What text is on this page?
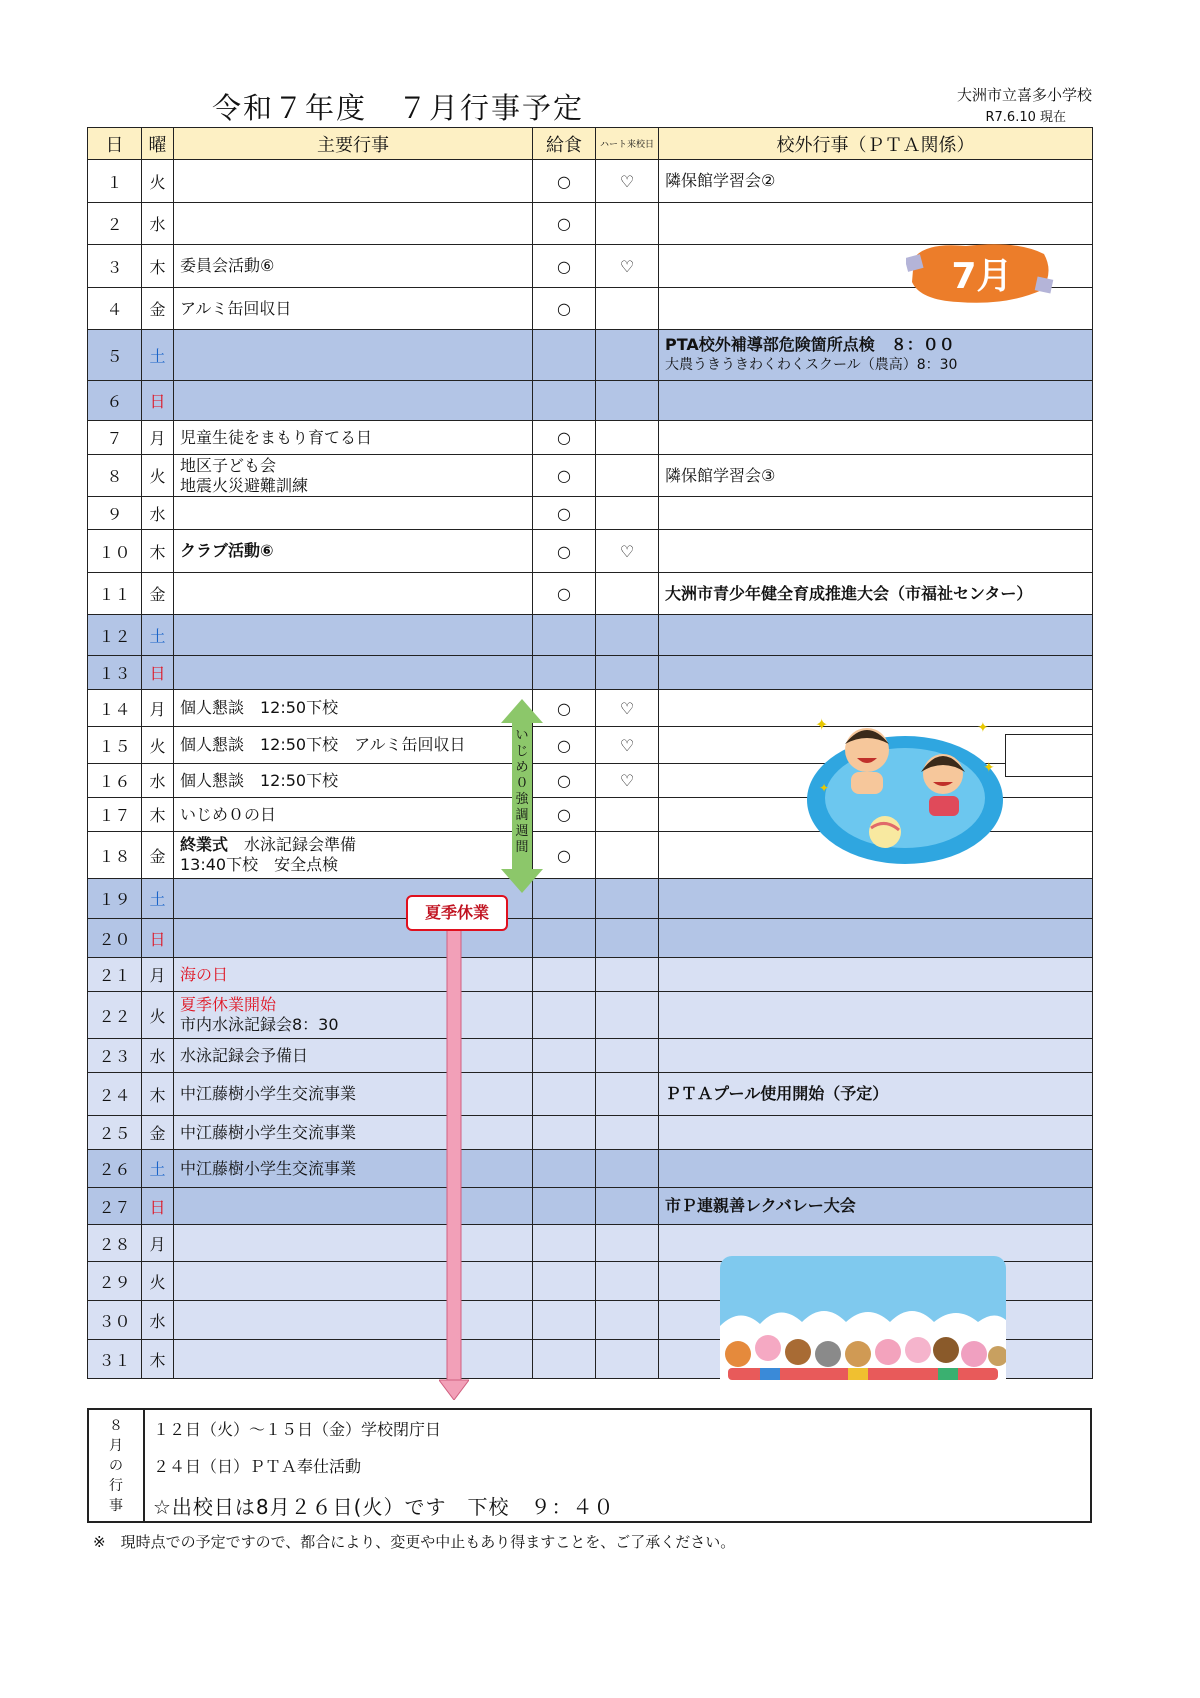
令和７年度　７月行事予定	大洲市立喜多小学校
R7.6.10 現在
日	曜	主要行事	給食	ハート来校日	校外行事（ＰＴＡ関係）
１	火		○	♡	隣保館学習会②

２	水		○		
３	木	委員会活動⑥	○	♡	
４	金	アルミ缶回収日	○		
５	土				PTA校外補導部危険箇所点検　８：００
大農うきうきわくわくスクール（農高）8：30

６	日				
７	月	児童生徒をまもり育てる日	○		
８	火	地区子ども会
地震火災避難訓練	○		隣保館学習会③

９	水		○		
１０	木	クラブ活動⑥	○	♡	
１１	金		○		大洲市青少年健全育成推進大会（市福祉センター）

１２	土				
１３	日				
１４	月	個人懇談　12:50下校	○	♡	
１５	火	個人懇談　12:50下校　アルミ缶回収日	○	♡	
１６	水	個人懇談　12:50下校	○	♡	
１７	木	いじめ０の日	○		
１８	金	終業式　水泳記録会準備
13:40下校　安全点検	○		
１９	土				
２０	日				
２１	月	海の日			

２２	火	夏季休業開始
市内水泳記録会8：30			

２３	水	水泳記録会予備日			

２４	木	中江藤樹小学生交流事業			ＰＴＡプール使用開始（予定）

２５	金	中江藤樹小学生交流事業			

２６	土	中江藤樹小学生交流事業			

２７	日				市Ｐ連親善レクバレー大会

２８	月				
２９	火				
３０	水				
３１	木				
7月
✦	✦
✦
✦
いじめ０強調週間
夏季休業
８
月
の
行
事

１２日（火）～１５日（金）学校閉庁日
２４日（日）ＰＴＡ奉仕活動
☆出校日は8月２６日(火）です　下校　９：４０
※　現時点での予定ですので、都合により、変更や中止もあり得ますことを、ご了承ください。
